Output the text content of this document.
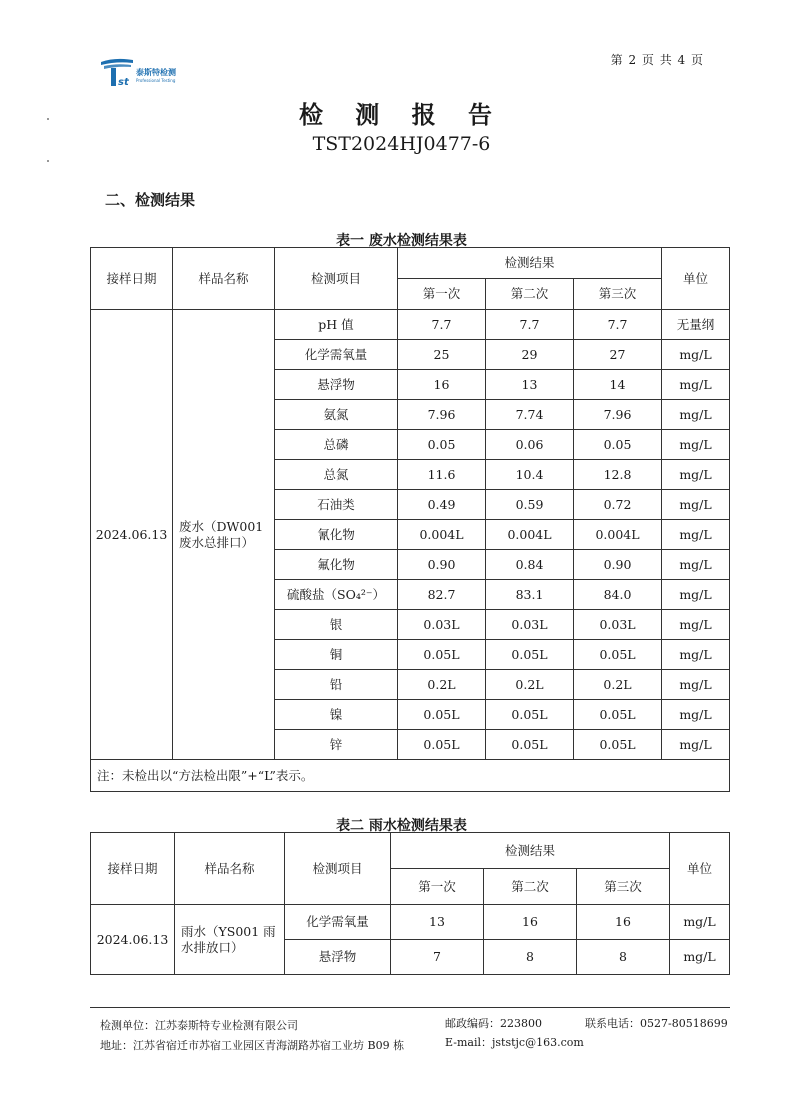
第 2 页 共 4 页
st
泰斯特检测
Professional Testing
检 测 报 告
TST2024HJ0477-6
二、检测结果
表一 废水检测结果表
接样日期	样品名称	检测项目	检测结果			单位
			第一次	第二次	第三次	
2024.06.13	废水（DW001 废水总排口）	pH 值	7.7	7.7	7.7	无量纲
		化学需氧量	25	29	27	mg/L
		悬浮物	16	13	14	mg/L
		氨氮	7.96	7.74	7.96	mg/L
		总磷	0.05	0.06	0.05	mg/L
		总氮	11.6	10.4	12.8	mg/L
		石油类	0.49	0.59	0.72	mg/L
		氰化物	0.004L	0.004L	0.004L	mg/L
		氟化物	0.90	0.84	0.90	mg/L
		硫酸盐（SO₄²⁻）	82.7	83.1	84.0	mg/L
		银	0.03L	0.03L	0.03L	mg/L
		铜	0.05L	0.05L	0.05L	mg/L
		铅	0.2L	0.2L	0.2L	mg/L
		镍	0.05L	0.05L	0.05L	mg/L
		锌	0.05L	0.05L	0.05L	mg/L
注：未检出以“方法检出限”+“L”表示。						
表二 雨水检测结果表
接样日期	样品名称	检测项目	检测结果			单位
			第一次	第二次	第三次	
2024.06.13	雨水（YS001 雨水排放口）	化学需氧量	13	16	16	mg/L
		悬浮物	7	8	8	mg/L
检测单位：江苏泰斯特专业检测有限公司	邮政编码：223800	联系电话：0527-80518699
地址：江苏省宿迁市苏宿工业园区青海湖路苏宿工业坊 B09 栋	E-mail：jststjc@163.com
